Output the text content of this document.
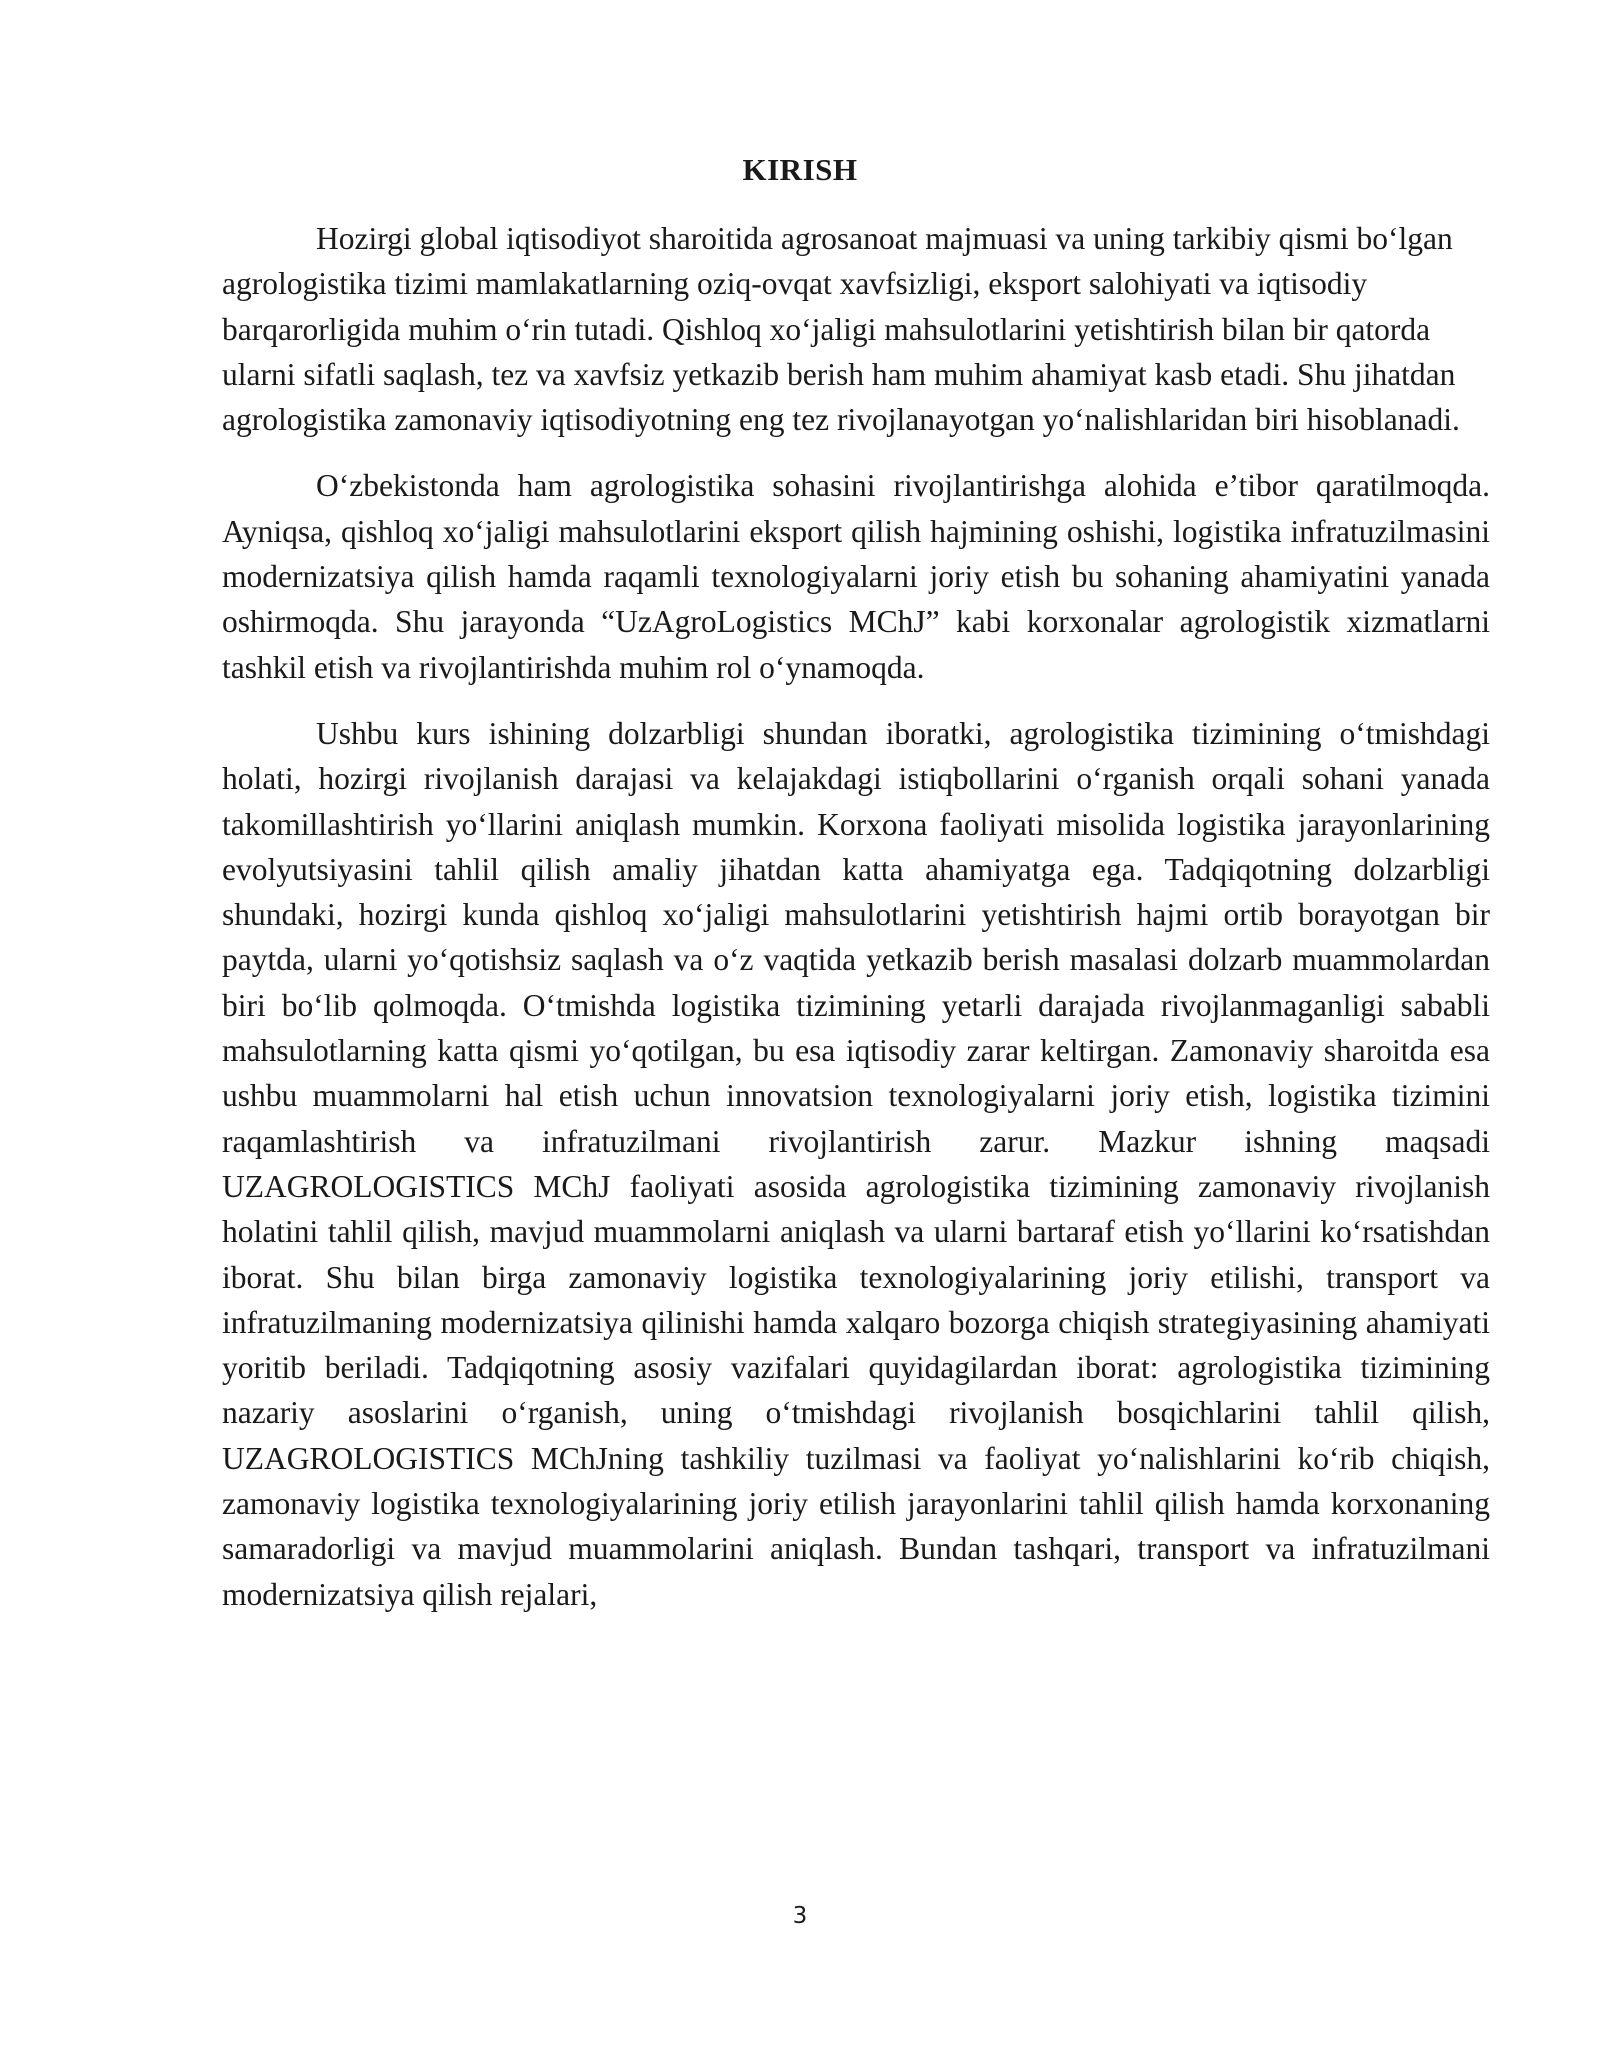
KIRISH

Hozirgi global iqtisodiyot sharoitida agrosanoat majmuasi va uning tarkibiy qismi bo‘lgan agrologistika tizimi mamlakatlarning oziq-ovqat xavfsizligi, eksport salohiyati va iqtisodiy barqarorligida muhim o‘rin tutadi. Qishloq xo‘jaligi mahsulotlarini yetishtirish bilan bir qatorda ularni sifatli saqlash, tez va xavfsiz yetkazib berish ham muhim ahamiyat kasb etadi. Shu jihatdan agrologistika zamonaviy iqtisodiyotning eng tez rivojlanayotgan yo‘nalishlaridan biri hisoblanadi.

O‘zbekistonda ham agrologistika sohasini rivojlantirishga alohida e’tibor qaratilmoqda. Ayniqsa, qishloq xo‘jaligi mahsulotlarini eksport qilish hajmining oshishi, logistika infratuzilmasini modernizatsiya qilish hamda raqamli texnologiyalarni joriy etish bu sohaning ahamiyatini yanada oshirmoqda. Shu jarayonda “UzAgroLogistics MChJ” kabi korxonalar agrologistik xizmatlarni tashkil etish va rivojlantirishda muhim rol o‘ynamoqda.

Ushbu kurs ishining dolzarbligi shundan iboratki, agrologistika tizimining o‘tmishdagi holati, hozirgi rivojlanish darajasi va kelajakdagi istiqbollarini o‘rganish orqali sohani yanada takomillashtirish yo‘llarini aniqlash mumkin. Korxona faoliyati misolida logistika jarayonlarining evolyutsiyasini tahlil qilish amaliy jihatdan katta ahamiyatga ega. Tadqiqotning dolzarbligi shundaki, hozirgi kunda qishloq xo‘jaligi mahsulotlarini yetishtirish hajmi ortib borayotgan bir paytda, ularni yo‘qotishsiz saqlash va o‘z vaqtida yetkazib berish masalasi dolzarb muammolardan biri bo‘lib qolmoqda. O‘tmishda logistika tizimining yetarli darajada rivojlanmaganligi sababli mahsulotlarning katta qismi yo‘qotilgan, bu esa iqtisodiy zarar keltirgan. Zamonaviy sharoitda esa ushbu muammolarni hal etish uchun innovatsion texnologiyalarni joriy etish, logistika tizimini raqamlashtirish va infratuzilmani rivojlantirish zarur. Mazkur ishning maqsadi UZAGROLOGISTICS MChJ faoliyati asosida agrologistika tizimining zamonaviy rivojlanish holatini tahlil qilish, mavjud muammolarni aniqlash va ularni bartaraf etish yo‘llarini ko‘rsatishdan iborat. Shu bilan birga zamonaviy logistika texnologiyalarining joriy etilishi, transport va infratuzilmaning modernizatsiya qilinishi hamda xalqaro bozorga chiqish strategiyasining ahamiyati yoritib beriladi. Tadqiqotning asosiy vazifalari quyidagilardan iborat: agrologistika tizimining nazariy asoslarini o‘rganish, uning o‘tmishdagi rivojlanish bosqichlarini tahlil qilish, UZAGROLOGISTICS MChJning tashkiliy tuzilmasi va faoliyat yo‘nalishlarini ko‘rib chiqish, zamonaviy logistika texnologiyalarining joriy etilish jarayonlarini tahlil qilish hamda korxonaning samaradorligi va mavjud muammolarini aniqlash. Bundan tashqari, transport va infratuzilmani modernizatsiya qilish rejalari,

3
